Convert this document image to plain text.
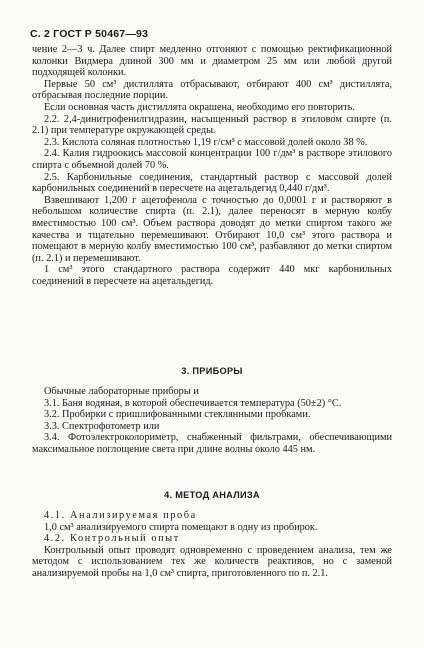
С. 2 ГОСТ Р 50467—93

чение 2—3 ч. Далее спирт медленно отгоняют с помощью ректификационной колонки Видмера длиной 300 мм и диаметром 25 мм или любой другой подходящей колонки.

Первые 50 см³ дистиллята отбрасывают, отбирают 400 см³ дистиллята, отбрасывая последние порции.

Если основная часть дистиллята окрашена, необходимо его повторить.

2.2. 2,4-динитрофенилгидразин, насыщенный раствор в этиловом спирте (п. 2.1) при температуре окружающей среды.

2.3. Кислота соляная плотностью 1,19 г/см³ с массовой долей около 38 %.

2.4. Калия гидроокись массовой концентрации 100 г/дм³ в растворе этилового спирта с объемной долей 70 %.

2.5. Карбонильные соединения, стандартный раствор с массовой долей карбонильных соединений в пересчете на ацетальдегид 0,440 г/дм³.

Взвешивают 1,200 г ацетофенола с точностью до 0,0001 г и растворяют в небольшом количестве спирта (п. 2.1), далее переносят в мерную колбу вместимостью 100 см³. Объем раствора доводят до метки спиртом такого же качества и тщательно перемешивают. Отбирают 10,0 см³ этого раствора и помещают в мерную колбу вместимостью 100 см³, разбавляют до метки спиртом (п. 2.1) и перемешивают.

1 см³ этого стандартного раствора содержит 440 мкг карбонильных соединений в пересчете на ацетальдегид.

3. ПРИБОРЫ

Обычные лабораторные приборы и

3.1. Баня водяная, в которой обеспечивается температура (50±2) °С.

3.2. Пробирки с пришлифованными стеклянными пробками.

3.3. Спектрофотометр или

3.4. Фотоэлектроколориметр, снабженный фильтрами, обеспечивающими максимальное поглощение света при длине волны около 445 нм.

4. МЕТОД АНАЛИЗА

4.1. Анализируемая проба

1,0 см³ анализируемого спирта помещают в одну из пробирок.

4.2. Контрольный опыт

Контрольный опыт проводят одновременно с проведением анализа, тем же методом с использованием тех же количеств реактивов, но с заменой анализируемой пробы на 1,0 см³ спирта, приготовленного по п. 2.1.
